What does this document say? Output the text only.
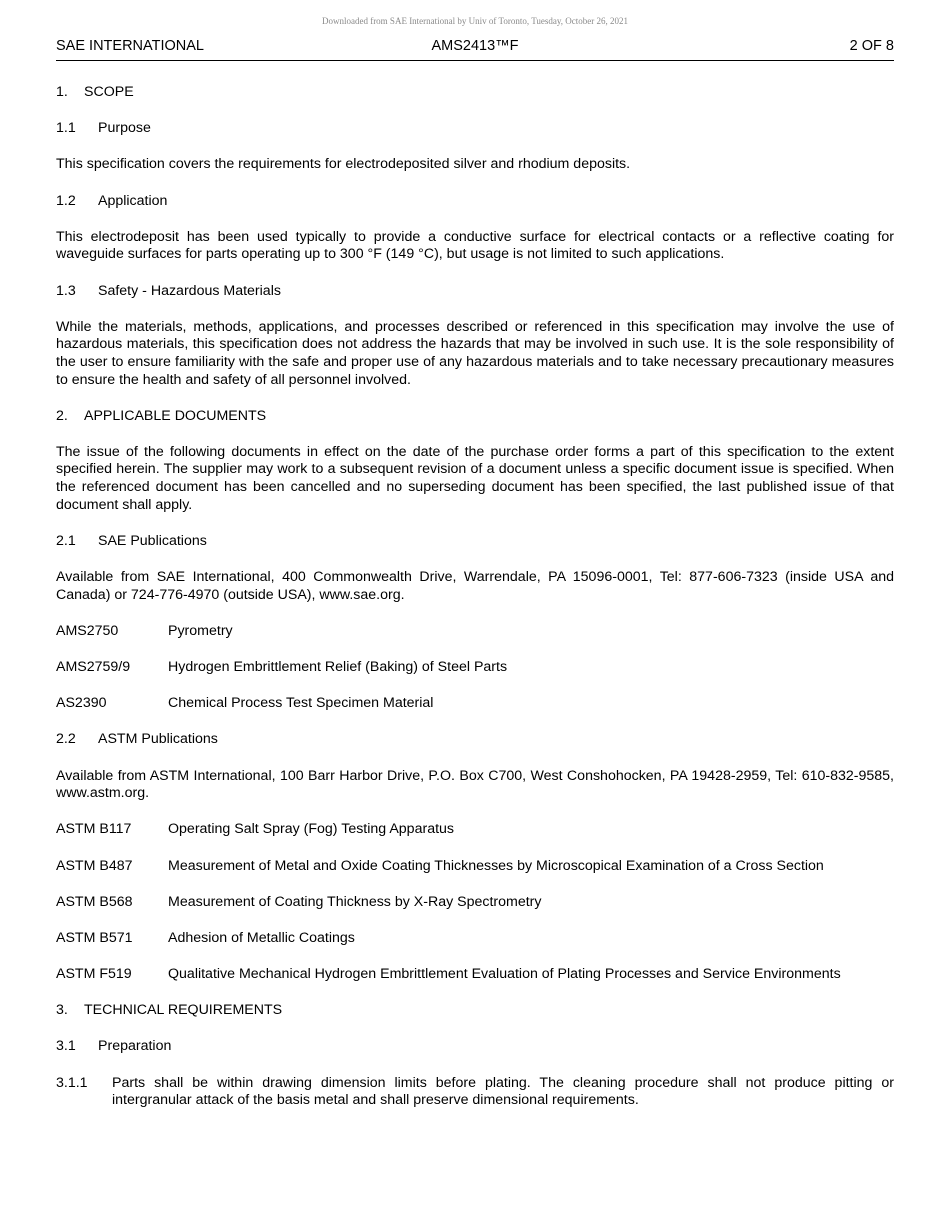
Downloaded from SAE International by Univ of Toronto, Tuesday, October 26, 2021
SAE INTERNATIONAL	AMS2413™F	2 OF 8
1. SCOPE
1.1 Purpose
This specification covers the requirements for electrodeposited silver and rhodium deposits.
1.2 Application
This electrodeposit has been used typically to provide a conductive surface for electrical contacts or a reflective coating for waveguide surfaces for parts operating up to 300 °F (149 °C), but usage is not limited to such applications.
1.3 Safety - Hazardous Materials
While the materials, methods, applications, and processes described or referenced in this specification may involve the use of hazardous materials, this specification does not address the hazards that may be involved in such use. It is the sole responsibility of the user to ensure familiarity with the safe and proper use of any hazardous materials and to take necessary precautionary measures to ensure the health and safety of all personnel involved.
2. APPLICABLE DOCUMENTS
The issue of the following documents in effect on the date of the purchase order forms a part of this specification to the extent specified herein. The supplier may work to a subsequent revision of a document unless a specific document issue is specified. When the referenced document has been cancelled and no superseding document has been specified, the last published issue of that document shall apply.
2.1 SAE Publications
Available from SAE International, 400 Commonwealth Drive, Warrendale, PA 15096-0001, Tel: 877-606-7323 (inside USA and Canada) or 724-776-4970 (outside USA), www.sae.org.
AMS2750	Pyrometry
AMS2759/9	Hydrogen Embrittlement Relief (Baking) of Steel Parts
AS2390	Chemical Process Test Specimen Material
2.2 ASTM Publications
Available from ASTM International, 100 Barr Harbor Drive, P.O. Box C700, West Conshohocken, PA 19428-2959, Tel: 610-832-9585, www.astm.org.
ASTM B117	Operating Salt Spray (Fog) Testing Apparatus
ASTM B487	Measurement of Metal and Oxide Coating Thicknesses by Microscopical Examination of a Cross Section
ASTM B568	Measurement of Coating Thickness by X-Ray Spectrometry
ASTM B571	Adhesion of Metallic Coatings
ASTM F519	Qualitative Mechanical Hydrogen Embrittlement Evaluation of Plating Processes and Service Environments
3. TECHNICAL REQUIREMENTS
3.1 Preparation
3.1.1	Parts shall be within drawing dimension limits before plating. The cleaning procedure shall not produce pitting or intergranular attack of the basis metal and shall preserve dimensional requirements.
